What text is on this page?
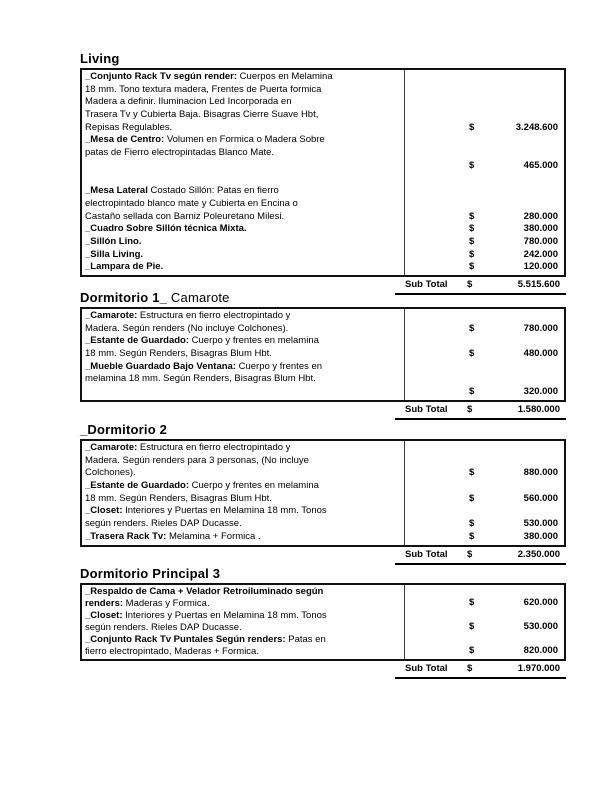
Living
_Conjunto Rack Tv según render: Cuerpos en Melamina
18 mm. Tono textura madera, Frentes de Puerta formica
Madera a definir. Iluminacion Led Incorporada en
Trasera Tv y Cubierta Baja. Bisagras Cierre Suave Hbt,
Repisas Regulables.	$	3.248.600
_Mesa de Centro: Volumen en Formica o Madera Sobre
patas de Fierro electropintadas Blanco Mate.
$	465.000
_Mesa Lateral Costado Sillón: Patas en fierro
electropintado blanco mate y Cubierta en Encina o
Castaño sellada con Barniz Poleuretano Milesi.	$	280.000
_Cuadro Sobre Sillón técnica Mixta.	$	380.000
_Sillón Lino.	$	780.000
_Silla Living.	$	242.000
_Lampara de Pie.	$	120.000
Sub Total $	5.515.600
Dormitorio 1_ Camarote
_Camarote: Estructura en fierro electropintado y
Madera. Según renders (No incluye Colchones).	$	780.000
_Estante de Guardado: Cuerpo y frentes en melamina
18 mm. Según Renders, Bisagras Blum Hbt.	$	480.000
_Mueble Guardado Bajo Ventana: Cuerpo y frentes en
melamina 18 mm. Según Renders, Bisagras Blum Hbt.
$	320.000
Sub Total $	1.580.000
_Dormitorio 2
_Camarote: Estructura en fierro electropintado y
Madera. Según renders para 3 personas, (No incluye
Colchones).	$	880.000
_Estante de Guardado: Cuerpo y frentes en melamina
18 mm. Según Renders, Bisagras Blum Hbt.	$	560.000
_Closet: Interiores y Puertas en Melamina 18 mm. Tonos
según renders. Rieles DAP Ducasse.	$	530.000
_Trasera Rack Tv: Melamina + Formica .	$	380.000
Sub Total $	2.350.000
Dormitorio Principal 3
_Respaldo de Cama + Velador Retroiluminado según
renders: Maderas y Formica.	$	620.000
_Closet: Interiores y Puertas en Melamina 18 mm. Tonos
según renders. Rieles DAP Ducasse.	$	530.000
_Conjunto Rack Tv Puntales Según renders: Patas en
fierro electropintado, Maderas + Formica.	$	820.000
Sub Total $	1.970.000
